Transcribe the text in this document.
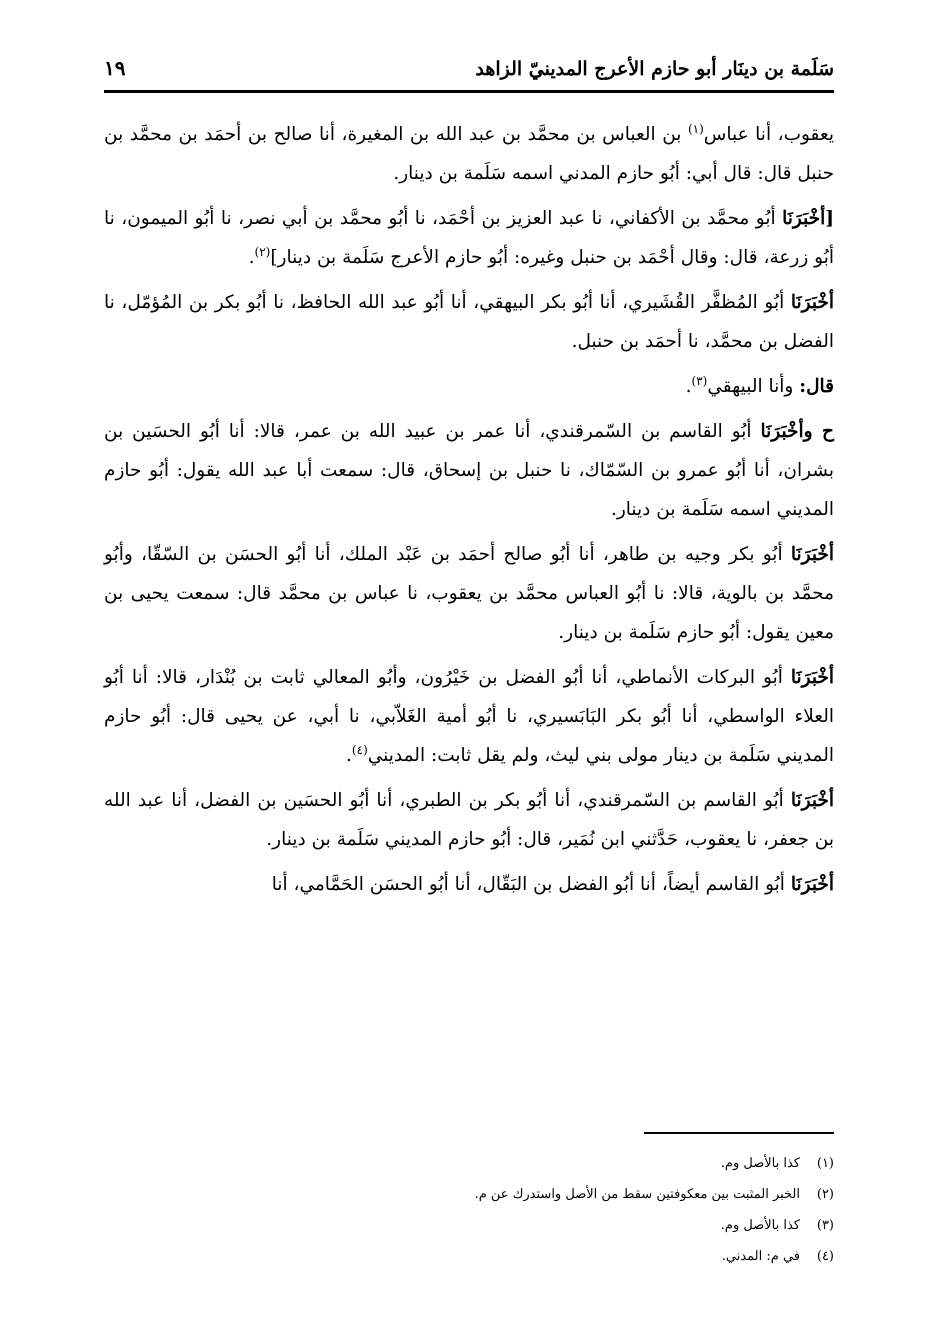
سَلَمة بن دينَار أبو حازم الأعرج المدينيّ الزاهد
١٩

يعقوب، أنا عباس$^{(١)}$ بن العباس بن محمَّد بن عبد الله بن المغيرة، أنا صالح بن أحمَد بن محمَّد بن حنبل قال: قال أبي: أبُو حازم المدني اسمه سَلَمة بن دينار.

[أخْبَرَنَا أبُو محمَّد بن الأكفاني، نا عبد العزيز بن أحْمَد، نا أبُو محمَّد بن أبي نصر، نا أبُو الميمون، نا أبُو زرعة، قال: وقال أحْمَد بن حنبل وغيره: أبُو حازم الأعرج سَلَمة بن دينار]$^{(٢)}$.

أخْبَرَنَا أبُو المُظفَّر القُشَيري، أنا أبُو بكر البيهقي، أنا أبُو عبد الله الحافظ، نا أبُو بكر بن المُؤمّل، نا الفضل بن محمَّد، نا أحمَد بن حنبل.

قال: وأنا البيهقي$^{(٣)}$.

ح وأخْبَرَنَا أبُو القاسم بن السّمرقندي، أنا عمر بن عبيد الله بن عمر، قالا: أنا أبُو الحسَين بن بشران، أنا أبُو عمرو بن السّمّاك، نا حنبل بن إسحاق، قال: سمعت أبا عبد الله يقول: أبُو حازم المديني اسمه سَلَمة بن دينار.

أخْبَرَنَا أبُو بكر وجيه بن طاهر، أنا أبُو صالح أحمَد بن عَبْد الملك، أنا أبُو الحسَن بن السّقّا، وأبُو محمَّد بن بالوية، قالا: نا أبُو العباس محمَّد بن يعقوب، نا عباس بن محمَّد قال: سمعت يحيى بن معين يقول: أبُو حازم سَلَمة بن دينار.

أخْبَرَنَا أبُو البركات الأنماطي، أنا أبُو الفضل بن خَيْرُون، وأبُو المعالي ثابت بن بُنْدَار، قالا: أنا أبُو العلاء الواسطي، أنا أبُو بكر البَابَسيري، نا أبُو أمية الغَلاّبي، نا أبي، عن يحيى قال: أبُو حازم المديني سَلَمة بن دينار مولى بني ليث، ولم يقل ثابت: المديني$^{(٤)}$.

أخْبَرَنَا أبُو القاسم بن السّمرقندي، أنا أبُو بكر بن الطبري، أنا أبُو الحسَين بن الفضل، أنا عبد الله بن جعفر، نا يعقوب، حَدَّثني ابن نُمَير، قال: أبُو حازم المديني سَلَمة بن دينار.

أخْبَرَنَا أبُو القاسم أيضاً، أنا أبُو الفضل بن البَقّال، أنا أبُو الحسَن الحَمَّامي، أنا

(١)كذا بالأصل وم.
(٢)الخبر المثبت بين معكوفتين سقط من الأصل واستدرك عن م.
(٣)كذا بالأصل وم.
(٤)في م: المدني.
